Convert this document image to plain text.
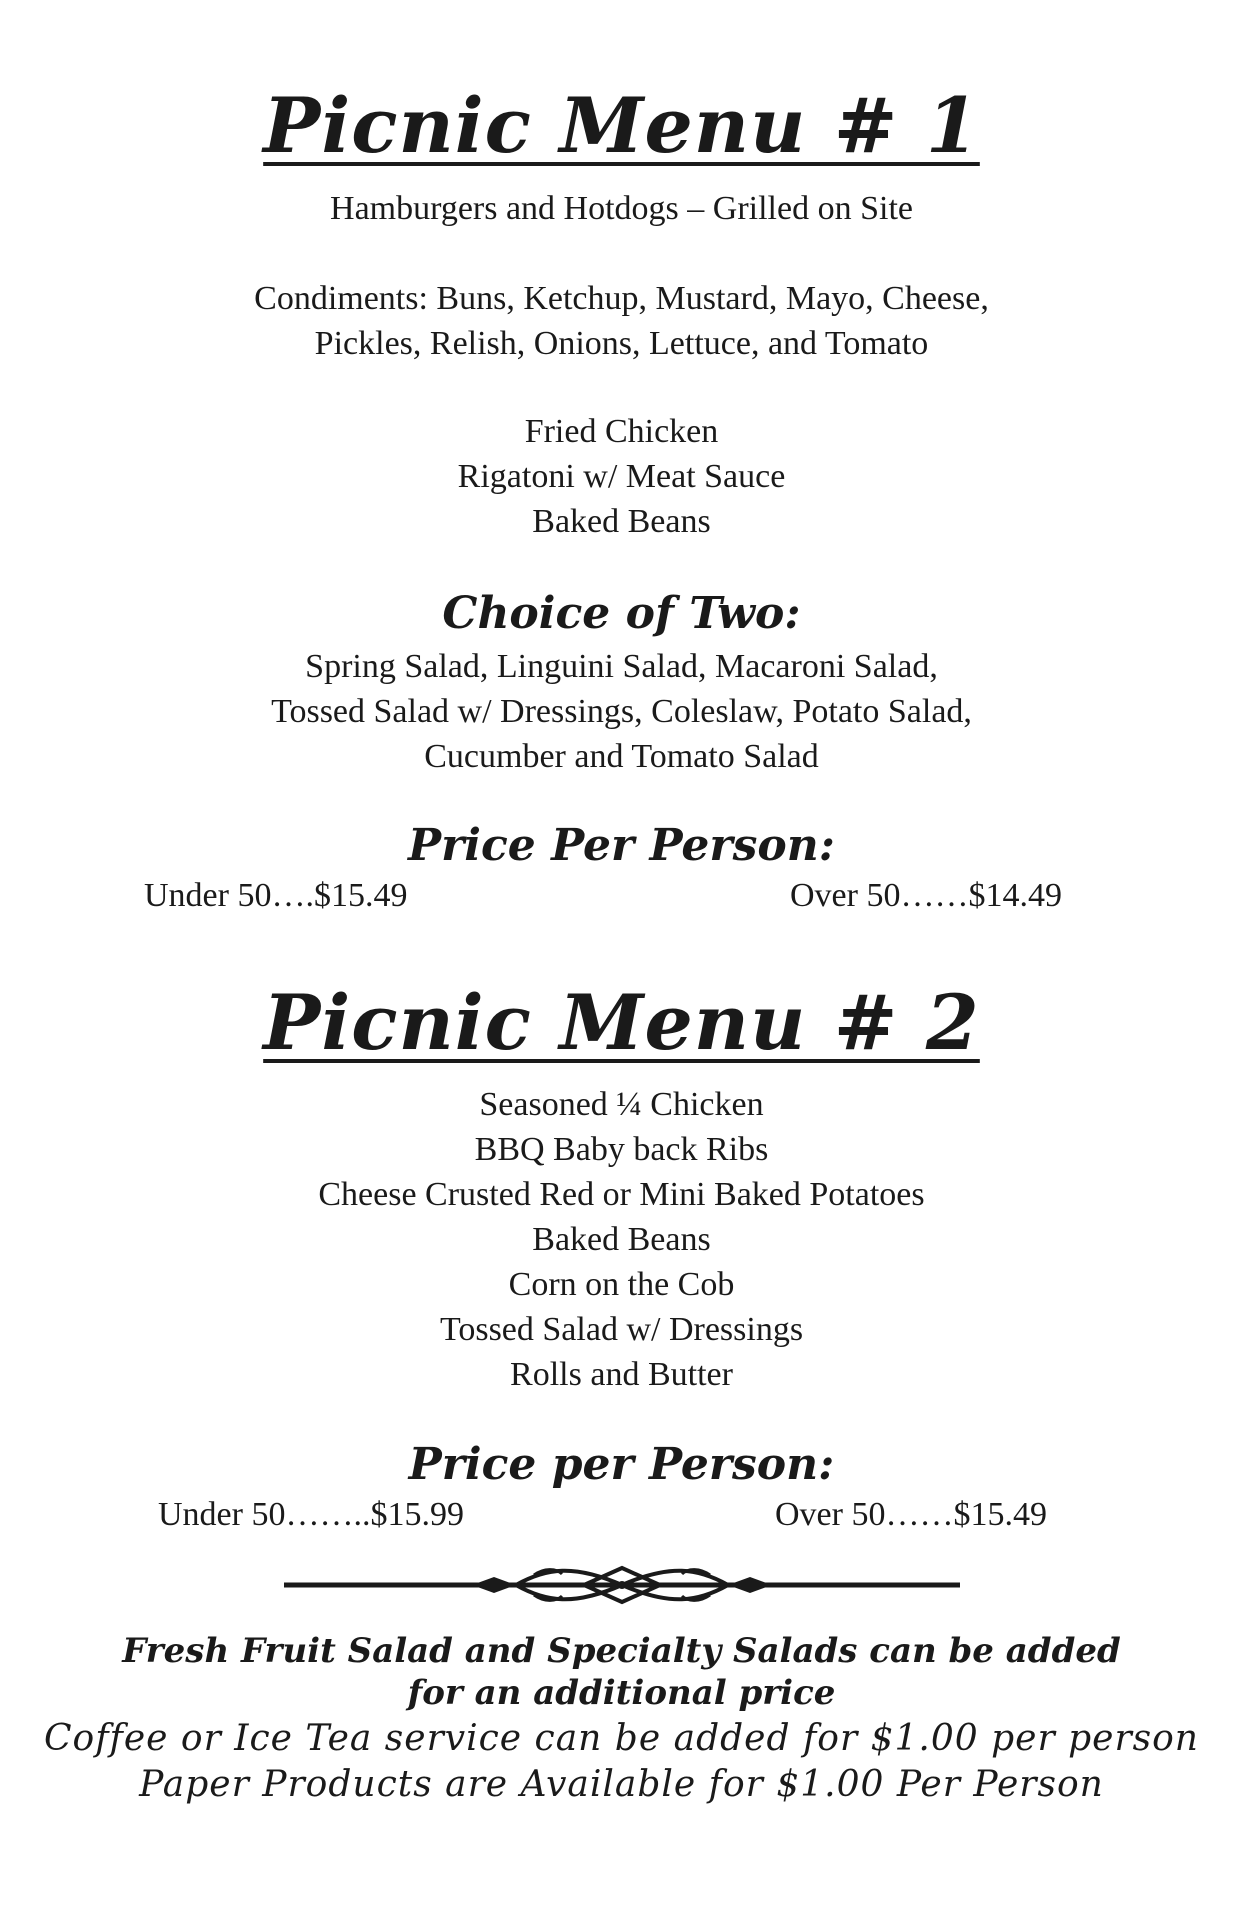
Picnic Menu # 1

Hamburgers and Hotdogs – Grilled on Site

Condiments: Buns, Ketchup, Mustard, Mayo, Cheese,

Pickles, Relish, Onions, Lettuce, and Tomato

Fried Chicken

Rigatoni w/ Meat Sauce

Baked Beans

Choice of Two:

Spring Salad, Linguini Salad, Macaroni Salad,

Tossed Salad w/ Dressings, Coleslaw, Potato Salad,

Cucumber and Tomato Salad

Price Per Person:
Under 50….$15.49	Over 50……$14.49
Picnic Menu # 2

Seasoned ¼ Chicken

BBQ Baby back Ribs

Cheese Crusted Red or Mini Baked Potatoes

Baked Beans

Corn on the Cob

Tossed Salad w/ Dressings

Rolls and Butter

Price per Person:
Under 50……..$15.99	Over 50……$15.49

Fresh Fruit Salad and Specialty Salads can be added

for an additional price

Coffee or Ice Tea service can be added for $1.00 per person

Paper Products are Available for $1.00 Per Person
